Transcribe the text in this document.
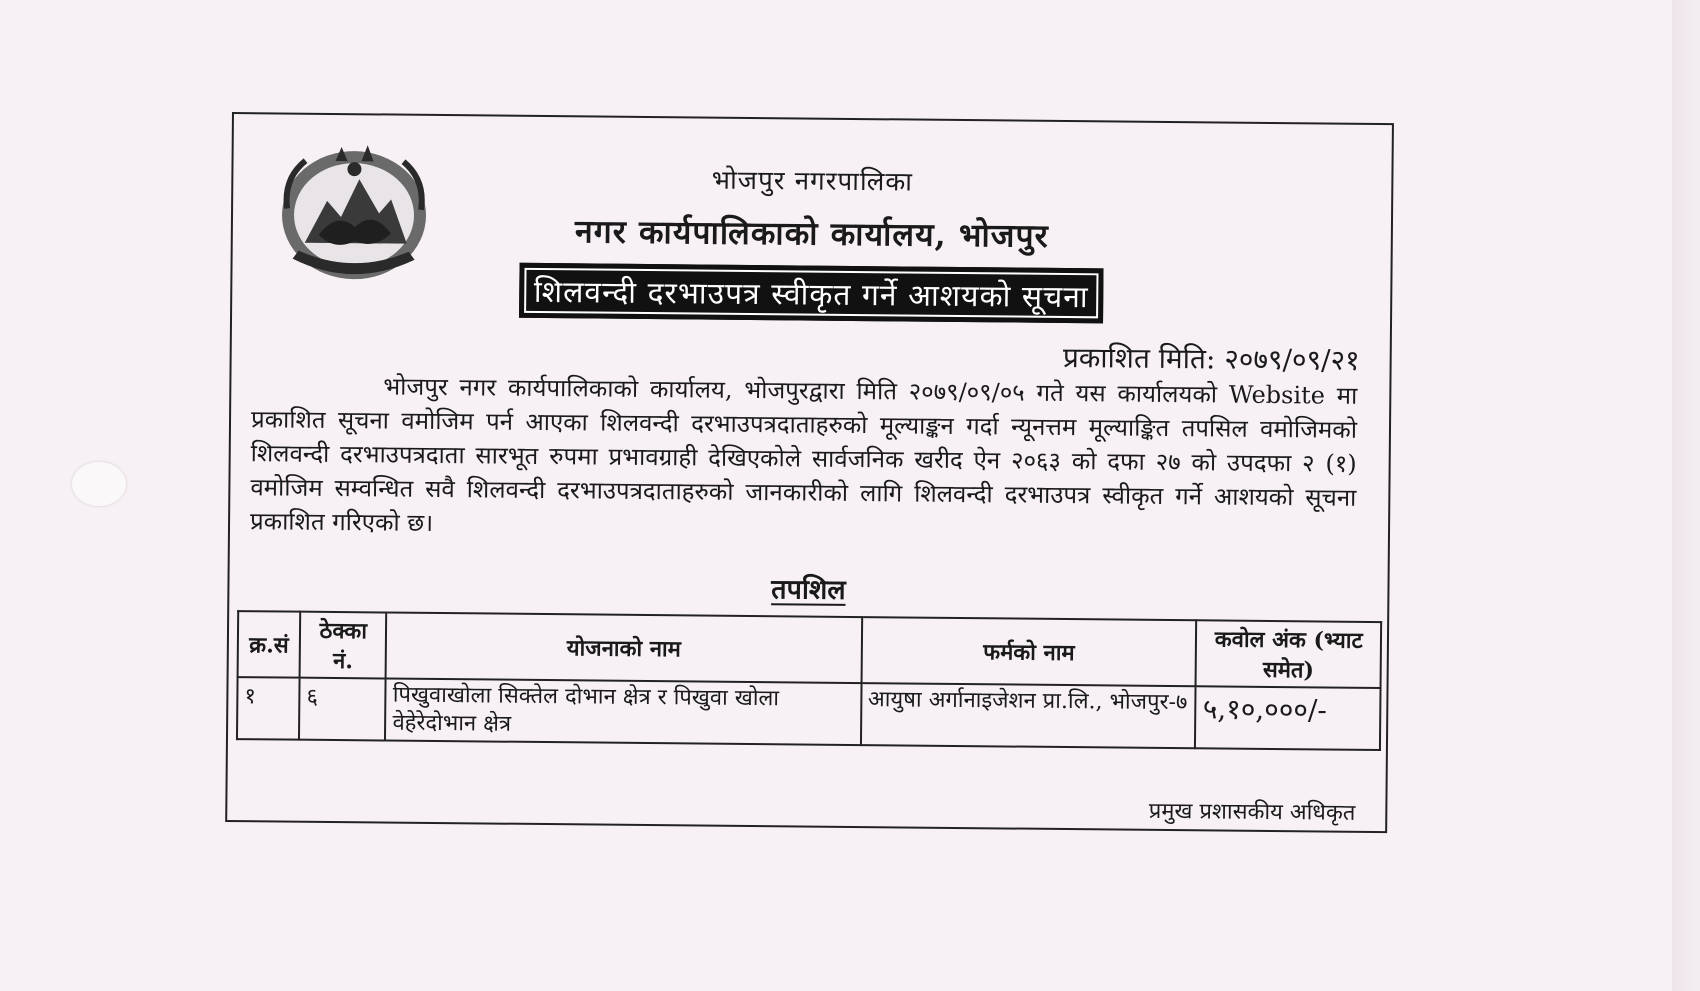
भोजपुर नगरपालिका
नगर कार्यपालिकाको कार्यालय, भोजपुर
शिलवन्दी दरभाउपत्र स्वीकृत गर्ने आशयको सूचना
प्रकाशित मिति: २०७९/०९/२१
भोजपुर नगर कार्यपालिकाको कार्यालय, भोजपुरद्वारा मिति २०७९/०९/०५ गते यस कार्यालयको Website मा प्रकाशित सूचना वमोजिम पर्न आएका शिलवन्दी दरभाउपत्रदाताहरुको मूल्याङ्कन गर्दा न्यूनत्तम मूल्याङ्कित तपसिल वमोजिमको शिलवन्दी दरभाउपत्रदाता सारभूत रुपमा प्रभावग्राही देखिएकोले सार्वजनिक खरीद ऐन २०६३ को दफा २७ को उपदफा २ (१) वमोजिम सम्वन्धित सवै शिलवन्दी दरभाउपत्रदाताहरुको जानकारीको लागि शिलवन्दी दरभाउपत्र स्वीकृत गर्ने आशयको सूचना प्रकाशित गरिएको छ।
तपशिल
क्र.सं	ठेक्का नं.	योजनाको नाम	फर्मको नाम	कवोल अंक (भ्याट समेत)
१	६	पिखुवाखोला सिक्तेल दोभान क्षेत्र र पिखुवा खोला वेहेरेदोभान क्षेत्र	आयुषा अर्गानाइजेशन प्रा.लि., भोजपुर-७	५,१०,०००/-
प्रमुख प्रशासकीय अधिकृत
